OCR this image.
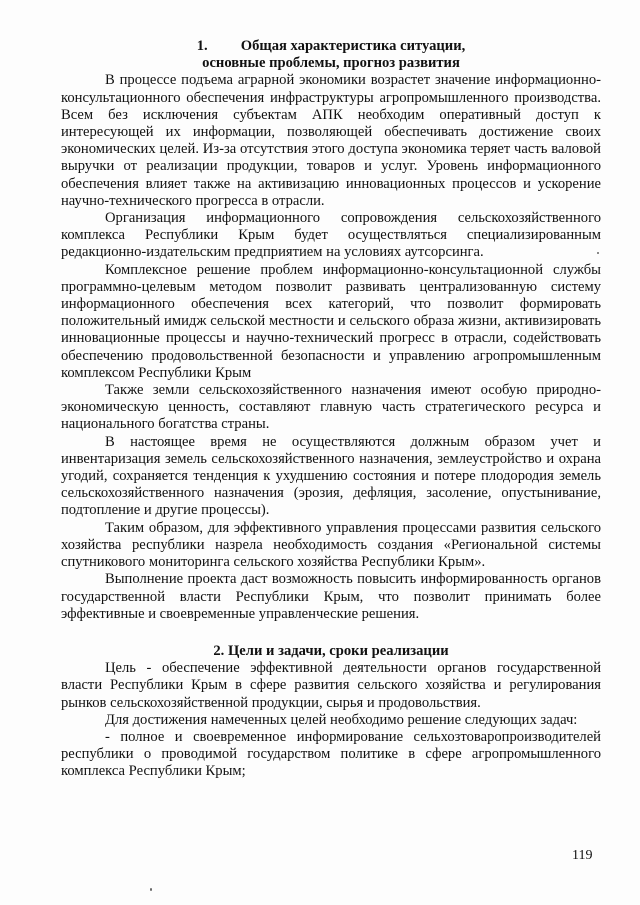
1. Общая характеристика ситуации,
основные проблемы, прогноз развития

В процессе подъема аграрной экономики возрастет значение информационно-консультационного обеспечения инфраструктуры агропромышленного производства. Всем без исключения субъектам АПК необходим оперативный доступ к интересующей их информации, позволяющей обеспечивать достижение своих экономических целей. Из-за отсутствия этого доступа экономика теряет часть валовой выручки от реализации продукции, товаров и услуг. Уровень информационного обеспечения влияет также на активизацию инновационных процессов и ускорение научно-технического прогресса в отрасли.

Организация информационного сопровождения сельскохозяйственного комплекса Республики Крым будет осуществляться специализированным редакционно-издательским предприятием на условиях аутсорсинга.

Комплексное решение проблем информационно-консультационной службы программно-целевым методом позволит развивать централизованную систему информационного обеспечения всех категорий, что позволит формировать положительный имидж сельской местности и сельского образа жизни, активизировать инновационные процессы и научно-технический прогресс в отрасли, содействовать обеспечению продовольственной безопасности и управлению агропромышленным комплексом Республики Крым

Также земли сельскохозяйственного назначения имеют особую природно-экономическую ценность, составляют главную часть стратегического ресурса и национального богатства страны.

В настоящее время не осуществляются должным образом учет и инвентаризация земель сельскохозяйственного назначения, землеустройство и охрана угодий, сохраняется тенденция к ухудшению состояния и потере плодородия земель сельскохозяйственного назначения (эрозия, дефляция, засоление, опустынивание, подтопление и другие процессы).

Таким образом, для эффективного управления процессами развития сельского хозяйства республики назрела необходимость создания «Региональной системы спутникового мониторинга сельского хозяйства Республики Крым».

Выполнение проекта даст возможность повысить информированность органов государственной власти Республики Крым, что позволит принимать более эффективные и своевременные управленческие решения.

2. Цели и задачи, сроки реализации

Цель - обеспечение эффективной деятельности органов государственной власти Республики Крым в сфере развития сельского хозяйства и регулирования рынков сельскохозяйственной продукции, сырья и продовольствия.

Для достижения намеченных целей необходимо решение следующих задач:

- полное и своевременное информирование сельхозтоваропроизводителей республики о проводимой государством политике в сфере агропромышленного комплекса Республики Крым;

119
